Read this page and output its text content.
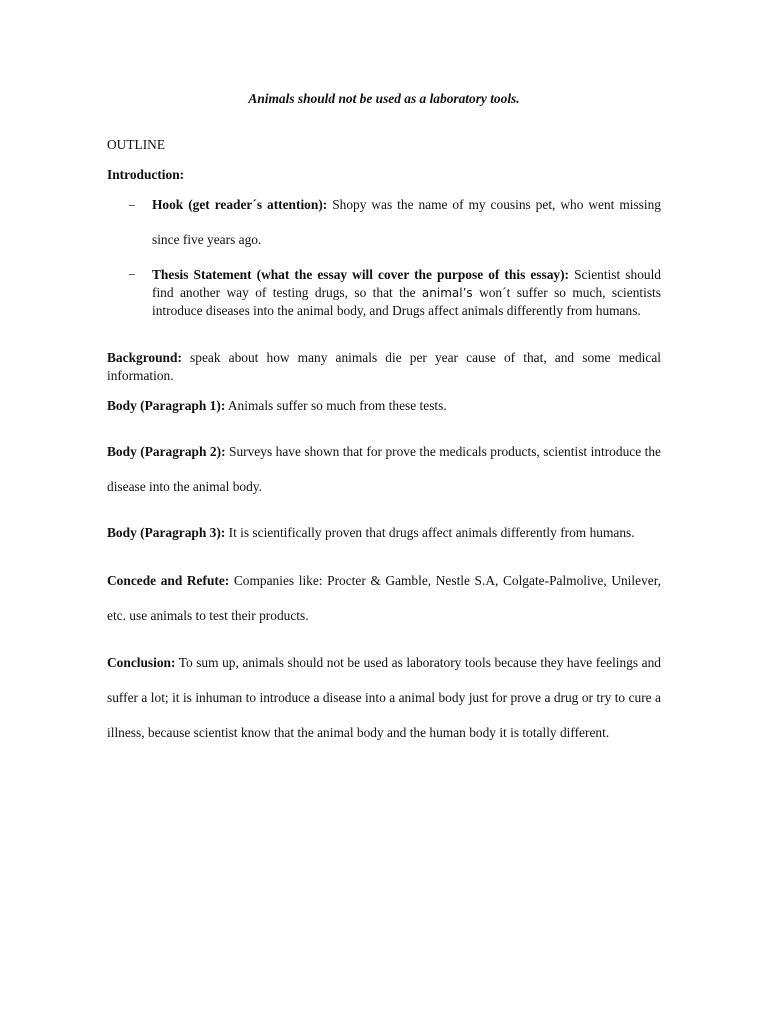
Animals should not be used as a laboratory tools.

OUTLINE

Introduction:

− Hook (get reader´s attention): Shopy was the name of my cousins pet, who went missing since five years ago.

− Thesis Statement (what the essay will cover the purpose of this essay): Scientist should find another way of testing drugs, so that the animal’s won´t suffer so much, scientists introduce diseases into the animal body, and Drugs affect animals differently from humans.

Background: speak about how many animals die per year cause of that, and some medical information.

Body (Paragraph 1): Animals suffer so much from these tests.

Body (Paragraph 2): Surveys have shown that for prove the medicals products, scientist introduce the disease into the animal body.

Body (Paragraph 3): It is scientifically proven that drugs affect animals differently from humans.

Concede and Refute: Companies like: Procter & Gamble, Nestle S.A, Colgate-Palmolive, Unilever, etc. use animals to test their products.

Conclusion: To sum up, animals should not be used as laboratory tools because they have feelings and suffer a lot; it is inhuman to introduce a disease into a animal body just for prove a drug or try to cure a illness, because scientist know that the animal body and the human body it is totally different.
